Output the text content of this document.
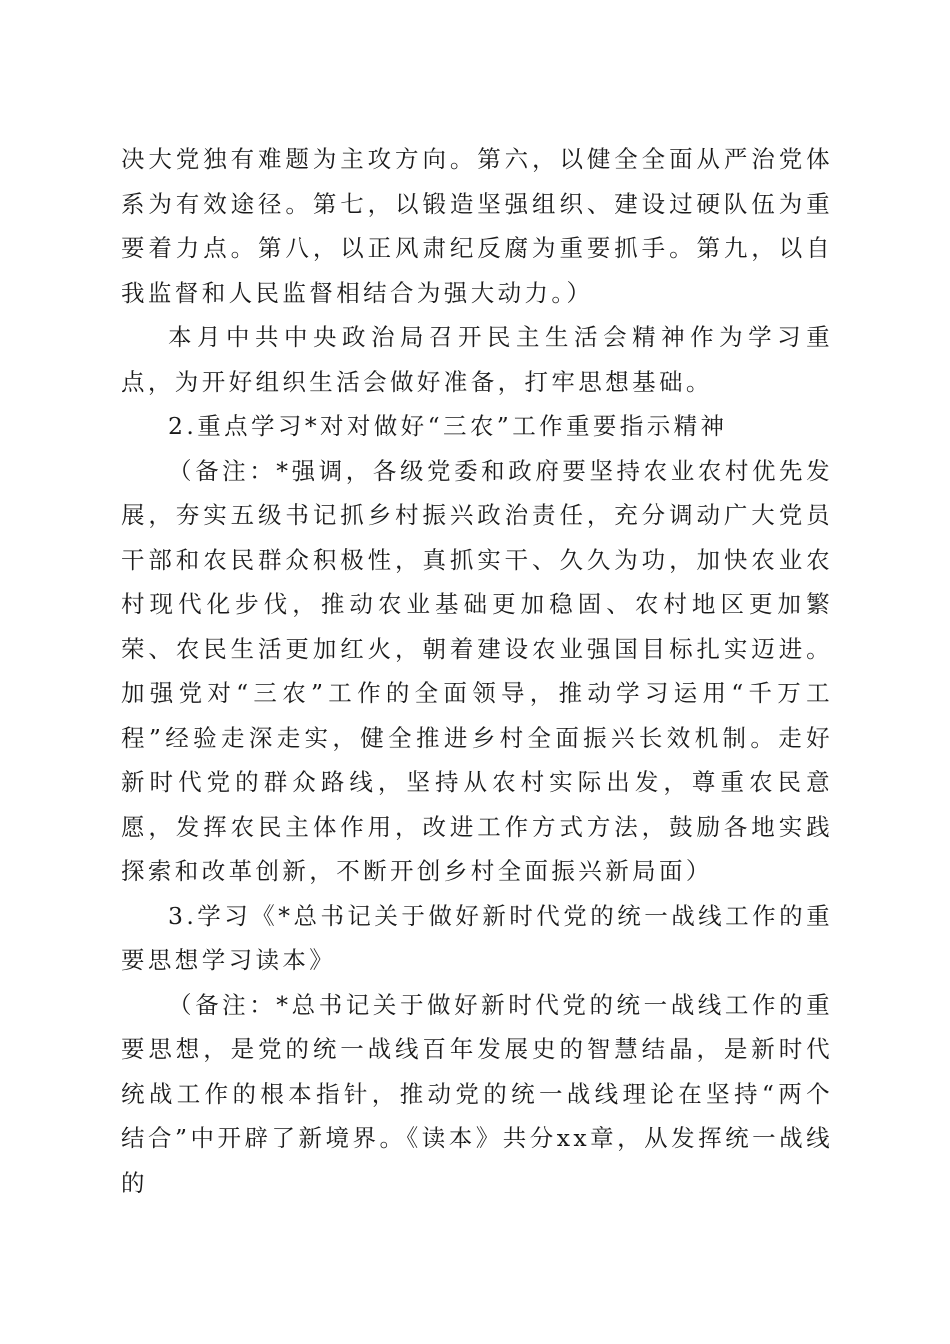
决大党独有难题为主攻方向。第六，以健全全面从严治党体系为有效途径。第七，以锻造坚强组织、建设过硬队伍为重要着力点。第八，以正风肃纪反腐为重要抓手。第九，以自我监督和人民监督相结合为强大动力。）

本月中共中央政治局召开民主生活会精神作为学习重点，为开好组织生活会做好准备，打牢思想基础。

2.重点学习*对对做好“三农”工作重要指示精神

（备注：*强调，各级党委和政府要坚持农业农村优先发展，夯实五级书记抓乡村振兴政治责任，充分调动广大党员干部和农民群众积极性，真抓实干、久久为功，加快农业农村现代化步伐，推动农业基础更加稳固、农村地区更加繁荣、农民生活更加红火，朝着建设农业强国目标扎实迈进。加强党对“三农”工作的全面领导，推动学习运用“千万工程”经验走深走实，健全推进乡村全面振兴长效机制。走好新时代党的群众路线，坚持从农村实际出发，尊重农民意愿，发挥农民主体作用，改进工作方式方法，鼓励各地实践探索和改革创新，不断开创乡村全面振兴新局面）

3.学习《*总书记关于做好新时代党的统一战线工作的重要思想学习读本》

（备注：*总书记关于做好新时代党的统一战线工作的重要思想，是党的统一战线百年发展史的智慧结晶，是新时代统战工作的根本指针，推动党的统一战线理论在坚持“两个结合”中开辟了新境界。《读本》共分xx章，从发挥统一战线的
